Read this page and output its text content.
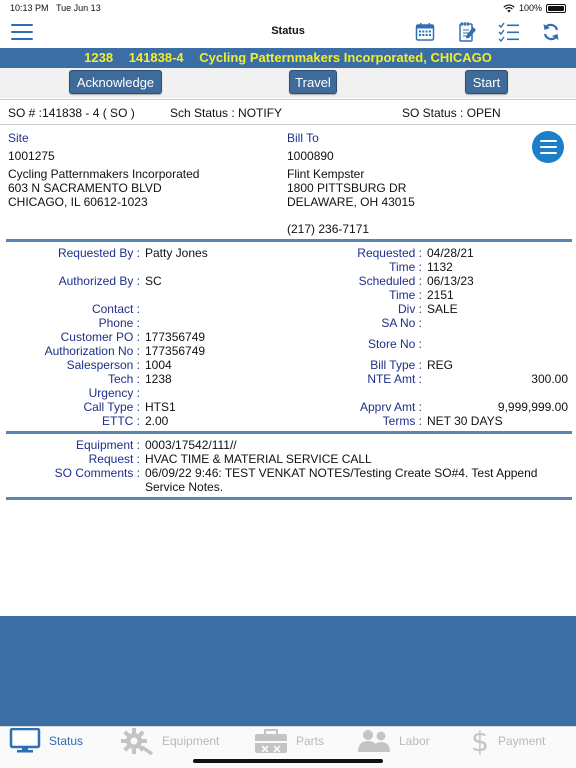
10:13 PM Tue Jun 13	100%
Status
1238 141838-4 Cycling Patternmakers Incorporated, CHICAGO
Acknowledge	Travel	Start
SO # :141838 - 4 ( SO )	Sch Status : NOTIFY	SO Status : OPEN
Site
1001275
Cycling Patternmakers Incorporated
603 N SACRAMENTO BLVD
CHICAGO, IL 60612-1023
Bill To
1000890
Flint Kempster
1800 PITTSBURG DR
DELAWARE, OH 43015
(217) 236-7171
Requested By : Patty Jones
Authorized By : SC
Contact :
Phone :
Customer PO : 177356749
Authorization No : 177356749
Salesperson : 1004
Tech : 1238
Urgency :
Call Type : HTS1
ETTC : 2.00
Requested : 04/28/21
Time : 1132
Scheduled : 06/13/23
Time : 2151
Div : SALE
SA No :
Store No :
Bill Type : REG
NTE Amt :	300.00
Apprv Amt :	9,999,999.00
Terms : NET 30 DAYS
Equipment : 0003/17542/111//
Request : HVAC TIME & MATERIAL SERVICE CALL
SO Comments : 06/09/22 9:46: TEST VENKAT NOTES/Testing Create SO#4. Test Append
Service Notes.
Status	Equipment	Parts	Labor $ Payment
